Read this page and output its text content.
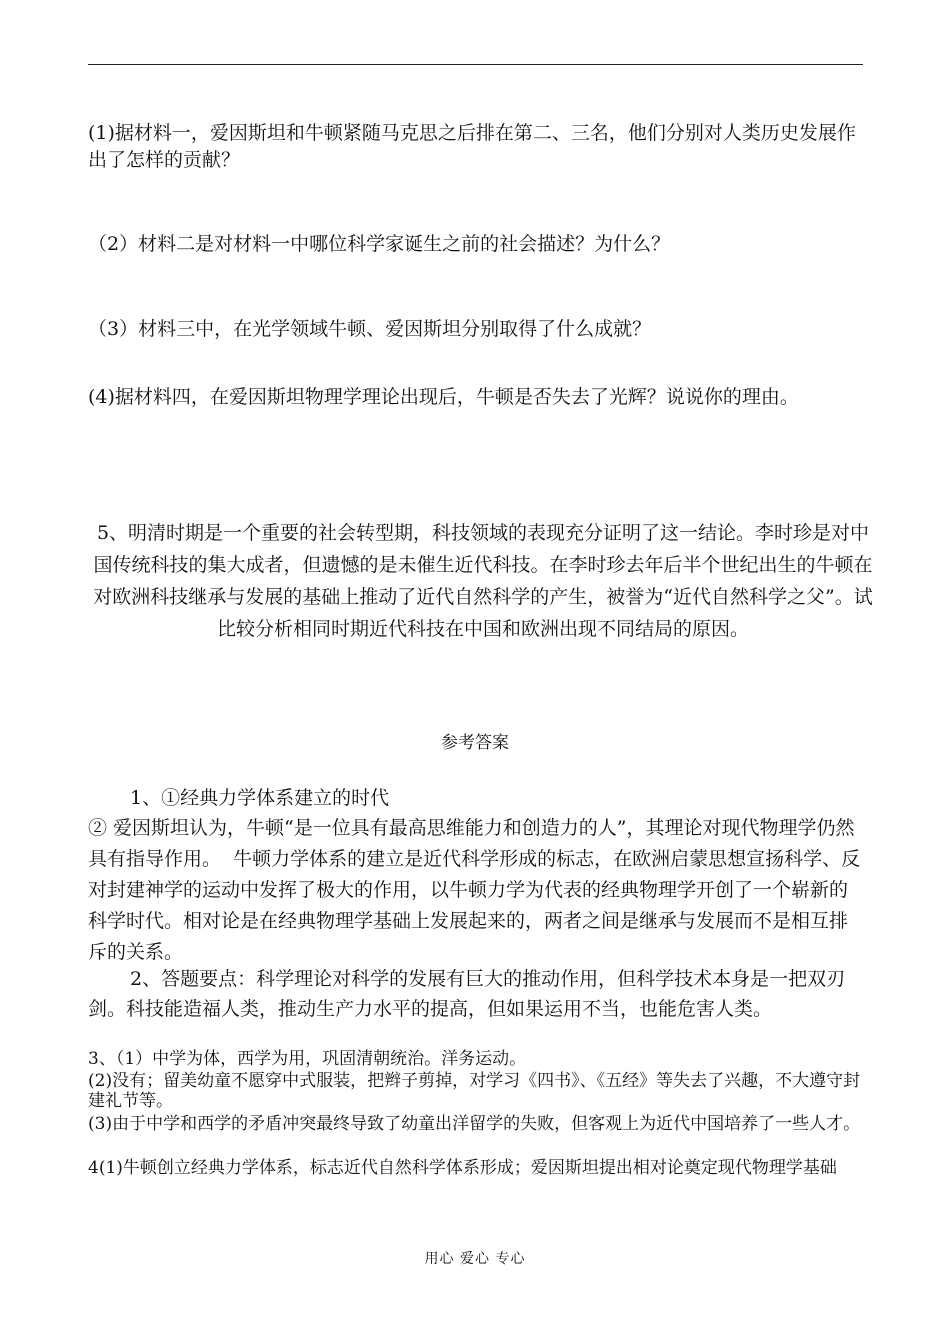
(1)据材料一，爱因斯坦和牛顿紧随马克思之后排在第二、三名，他们分别对人类历史发展作出了怎样的贡献？

（2）材料二是对材料一中哪位科学家诞生之前的社会描述？为什么？

（3）材料三中，在光学领域牛顿、爱因斯坦分别取得了什么成就？

(4)据材料四，在爱因斯坦物理学理论出现后，牛顿是否失去了光辉？说说你的理由。

5、明清时期是一个重要的社会转型期，科技领域的表现充分证明了这一结论。李时珍是对中国传统科技的集大成者，但遗憾的是未催生近代科技。在李时珍去年后半个世纪出生的牛顿在对欧洲科技继承与发展的基础上推动了近代自然科学的产生，被誉为“近代自然科学之父”。试比较分析相同时期近代科技在中国和欧洲出现不同结局的原因。

参考答案

1、①经典力学体系建立的时代

② 爱因斯坦认为，牛顿“是一位具有最高思维能力和创造力的人”，其理论对现代物理学仍然具有指导作用。  牛顿力学体系的建立是近代科学形成的标志，在欧洲启蒙思想宣扬科学、反对封建神学的运动中发挥了极大的作用，以牛顿力学为代表的经典物理学开创了一个崭新的科学时代。相对论是在经典物理学基础上发展起来的，两者之间是继承与发展而不是相互排斥的关系。

2、答题要点：科学理论对科学的发展有巨大的推动作用，但科学技术本身是一把双刃剑。科技能造福人类，推动生产力水平的提高，但如果运用不当，也能危害人类。

3、（1）中学为体，西学为用，巩固清朝统治。洋务运动。

(2)没有；留美幼童不愿穿中式服装，把辫子剪掉，对学习《四书》、《五经》等失去了兴趣，不大遵守封建礼节等。

(3)由于中学和西学的矛盾冲突最终导致了幼童出洋留学的失败，但客观上为近代中国培养了一些人才。

4(1)牛顿创立经典力学体系，标志近代自然科学体系形成；爱因斯坦提出相对论奠定现代物理学基础

用心 爱心 专心
